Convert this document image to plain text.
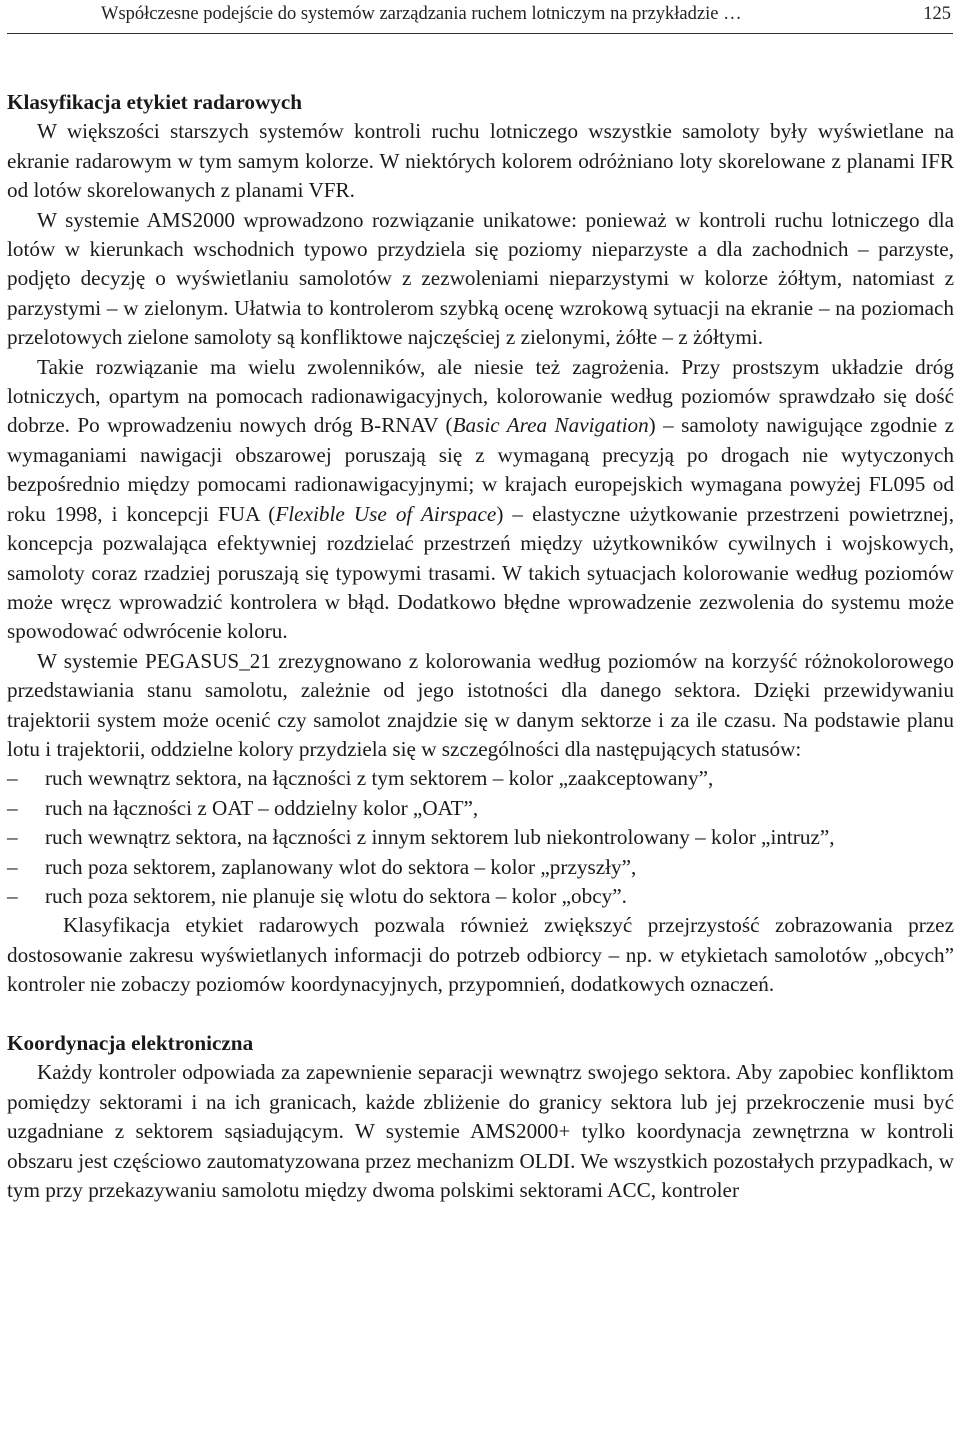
Współczesne podejście do systemów zarządzania ruchem lotniczym na przykładzie …	125
Klasyfikacja etykiet radarowych

W większości starszych systemów kontroli ruchu lotniczego wszystkie samoloty były wyświetlane na ekranie radarowym w tym samym kolorze. W niektórych kolorem odróżniano loty skorelowane z planami IFR od lotów skorelowanych z planami VFR.

W systemie AMS2000 wprowadzono rozwiązanie unikatowe: ponieważ w kontroli ruchu lotniczego dla lotów w kierunkach wschodnich typowo przydziela się poziomy nieparzyste a dla zachodnich – parzyste, podjęto decyzję o wyświetlaniu samolotów z zezwoleniami nieparzystymi w kolorze żółtym, natomiast z parzystymi – w zielonym. Ułatwia to kontrolerom szybką ocenę wzrokową sytuacji na ekranie – na poziomach przelotowych zielone samoloty są konfliktowe najczęściej z zielonymi, żółte – z żółtymi.

Takie rozwiązanie ma wielu zwolenników, ale niesie też zagrożenia. Przy prostszym układzie dróg lotniczych, opartym na pomocach radionawigacyjnych, kolorowanie według poziomów sprawdzało się dość dobrze. Po wprowadzeniu nowych dróg B-RNAV (Basic Area Navigation) – samoloty nawigujące zgodnie z wymaganiami nawigacji obszarowej poruszają się z wymaganą precyzją po drogach nie wytyczonych bezpośrednio między pomocami radionawigacyjnymi; w krajach europejskich wymagana powyżej FL095 od roku 1998, i koncepcji FUA (Flexible Use of Airspace) – elastyczne użytkowanie przestrzeni powietrznej, koncepcja pozwalająca efektywniej rozdzielać przestrzeń między użytkowników cywilnych i wojskowych, samoloty coraz rzadziej poruszają się typowymi trasami. W takich sytuacjach kolorowanie według poziomów może wręcz wprowadzić kontrolera w błąd. Dodatkowo błędne wprowadzenie zezwolenia do systemu może spowodować odwrócenie koloru.

W systemie PEGASUS_21 zrezygnowano z kolorowania według poziomów na korzyść różnokolorowego przedstawiania stanu samolotu, zależnie od jego istotności dla danego sektora. Dzięki przewidywaniu trajektorii system może ocenić czy samolot znajdzie się w danym sektorze i za ile czasu. Na podstawie planu lotu i trajektorii, oddzielne kolory przydziela się w szczególności dla następujących statusów:

– ruch wewnątrz sektora, na łączności z tym sektorem – kolor „zaakceptowany”,
– ruch na łączności z OAT – oddzielny kolor „OAT”,
– ruch wewnątrz sektora, na łączności z innym sektorem lub niekontrolowany – kolor „intruz”,
– ruch poza sektorem, zaplanowany wlot do sektora – kolor „przyszły”,
– ruch poza sektorem, nie planuje się wlotu do sektora – kolor „obcy”.

Klasyfikacja etykiet radarowych pozwala również zwiększyć przejrzystość zobrazowania przez dostosowanie zakresu wyświetlanych informacji do potrzeb odbiorcy – np. w etykietach samolotów „obcych” kontroler nie zobaczy poziomów koordynacyjnych, przypomnień, dodatkowych oznaczeń.

Koordynacja elektroniczna

Każdy kontroler odpowiada za zapewnienie separacji wewnątrz swojego sektora. Aby zapobiec konfliktom pomiędzy sektorami i na ich granicach, każde zbliżenie do granicy sektora lub jej przekroczenie musi być uzgadniane z sektorem sąsiadującym. W systemie AMS2000+ tylko koordynacja zewnętrzna w kontroli obszaru jest częściowo zautomatyzowana przez mechanizm OLDI. We wszystkich pozostałych przypadkach, w tym przy przekazywaniu samolotu między dwoma polskimi sektorami ACC, kontroler
